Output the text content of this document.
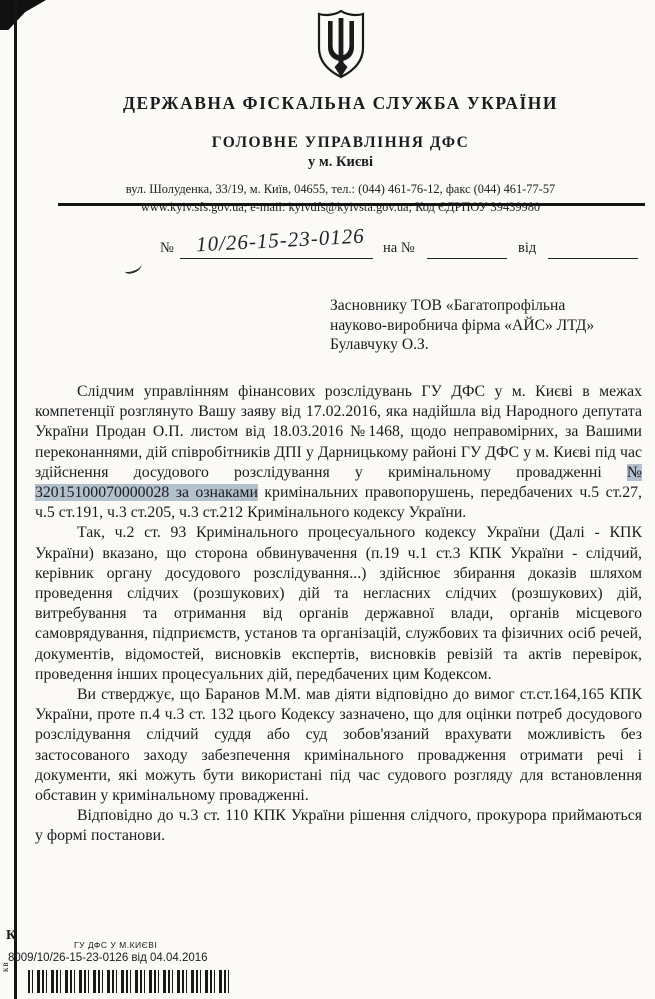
ДЕРЖАВНА ФІСКАЛЬНА СЛУЖБА УКРАЇНИ
ГОЛОВНЕ УПРАВЛІННЯ ДФС
у м. Києві

вул. Шолуденка, 33/19, м. Київ, 04655, тел.: (044) 461-76-12, факс (044) 461-77-57

www.kyiv.sfs.gov.ua; e-mail: kyivdfs@kyivsta.gov.ua; Код ЄДРПОУ 39439980

№ 10/26-15-23-0126 на №	від
Засновнику ТОВ «Багатопрофільна
науково-виробнича фірма «АЙС» ЛТД»
Булавчуку О.З.

Слідчим управлінням фінансових розслідувань ГУ ДФС у м. Києві в межах компетенції розглянуто Вашу заяву від 17.02.2016, яка надійшла від Народного депутата України Продан О.П. листом від 18.03.2016 №1468, щодо неправомірних, за Вашими переконаннями, дій співробітників ДПІ у Дарницькому районі ГУ ДФС у м. Києві під час здійснення досудового розслідування у кримінальному провадженні № 32015100070000028 за ознаками кримінальних правопорушень, передбачених ч.5 ст.27, ч.5 ст.191, ч.3 ст.205, ч.3 ст.212 Кримінального кодексу України.

Так, ч.2 ст. 93 Кримінального процесуального кодексу України (Далі - КПК України) вказано, що сторона обвинувачення (п.19 ч.1 ст.3 КПК України - слідчий, керівник органу досудового розслідування...) здійснює збирання доказів шляхом проведення слідчих (розшукових) дій та негласних слідчих (розшукових) дій, витребування та отримання від органів державної влади, органів місцевого самоврядування, підприємств, установ та організацій, службових та фізичних осіб речей, документів, відомостей, висновків експертів, висновків ревізій та актів перевірок, проведення інших процесуальних дій, передбачених цим Кодексом.

Ви стверджує, що Баранов М.М. мав діяти відповідно до вимог ст.ст.164,165 КПК України, проте п.4 ч.3 ст. 132 цього Кодексу зазначено, що для оцінки потреб досудового розслідування слідчий суддя або суд зобов'язаний врахувати можливість без застосованого заходу забезпечення кримінального провадження отримати речі і документи, які можуть бути використані під час судового розгляду для встановлення обставин у кримінальному провадженні.

Відповідно до ч.3 ст. 110 КПК України рішення слідчого, прокурора приймаються у формі постанови.

К
кв
ГУ ДФС У М.КИЄВІ
8009/10/26-15-23-0126 від 04.04.2016
